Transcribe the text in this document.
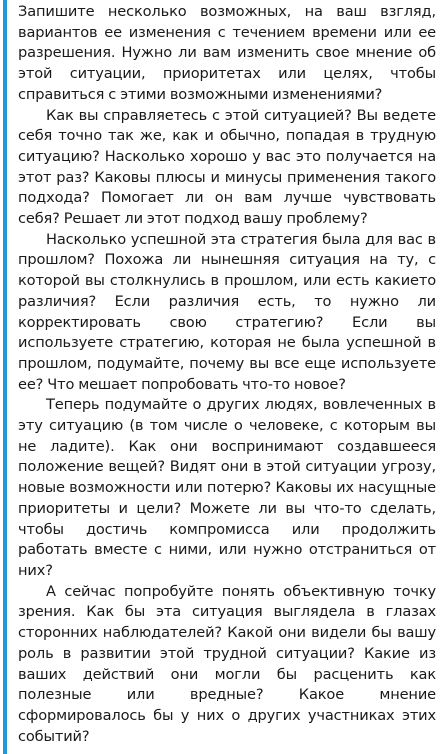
Запишите несколько возможных, на ваш взгляд, вариантов ее изменения с течением времени или ее разрешения. Нужно ли вам изменить свое мнение об этой ситуации, приоритетах или целях, чтобы справиться с этими возможными изменениями?

Как вы справляетесь с этой ситуацией? Вы ведете себя точно так же, как и обычно, попадая в трудную ситуацию? Насколько хорошо у вас это получается на этот раз? Каковы плюсы и минусы применения такого подхода? Помогает ли он вам лучше чувствовать себя? Решает ли этот подход вашу проблему?

Насколько успешной эта стратегия была для вас в прошлом? Похожа ли нынешняя ситуация на ту, с которой вы столкнулись в прошлом, или есть какието различия? Если различия есть, то нужно ли корректировать свою стратегию? Если вы используете стратегию, которая не была успешной в прошлом, подумайте, почему вы все еще используете ее? Что мешает попробовать что-то новое?

Теперь подумайте о других людях, вовлеченных в эту ситуацию (в том числе о человеке, с которым вы не ладите). Как они воспринимают создавшееся положение вещей? Видят они в этой ситуации угрозу, новые возможности или потерю? Каковы их насущные приоритеты и цели? Можете ли вы что-то сделать, чтобы достичь компромисса или продолжить работать вместе с ними, или нужно отстраниться от них?

А сейчас попробуйте понять объективную точку зрения. Как бы эта ситуация выглядела в глазах сторонних наблюдателей? Какой они видели бы вашу роль в развитии этой трудной ситуации? Какие из ваших действий они могли бы расценить как полезные или вредные? Какое мнение сформировалось бы у них о других участниках этих событий?
